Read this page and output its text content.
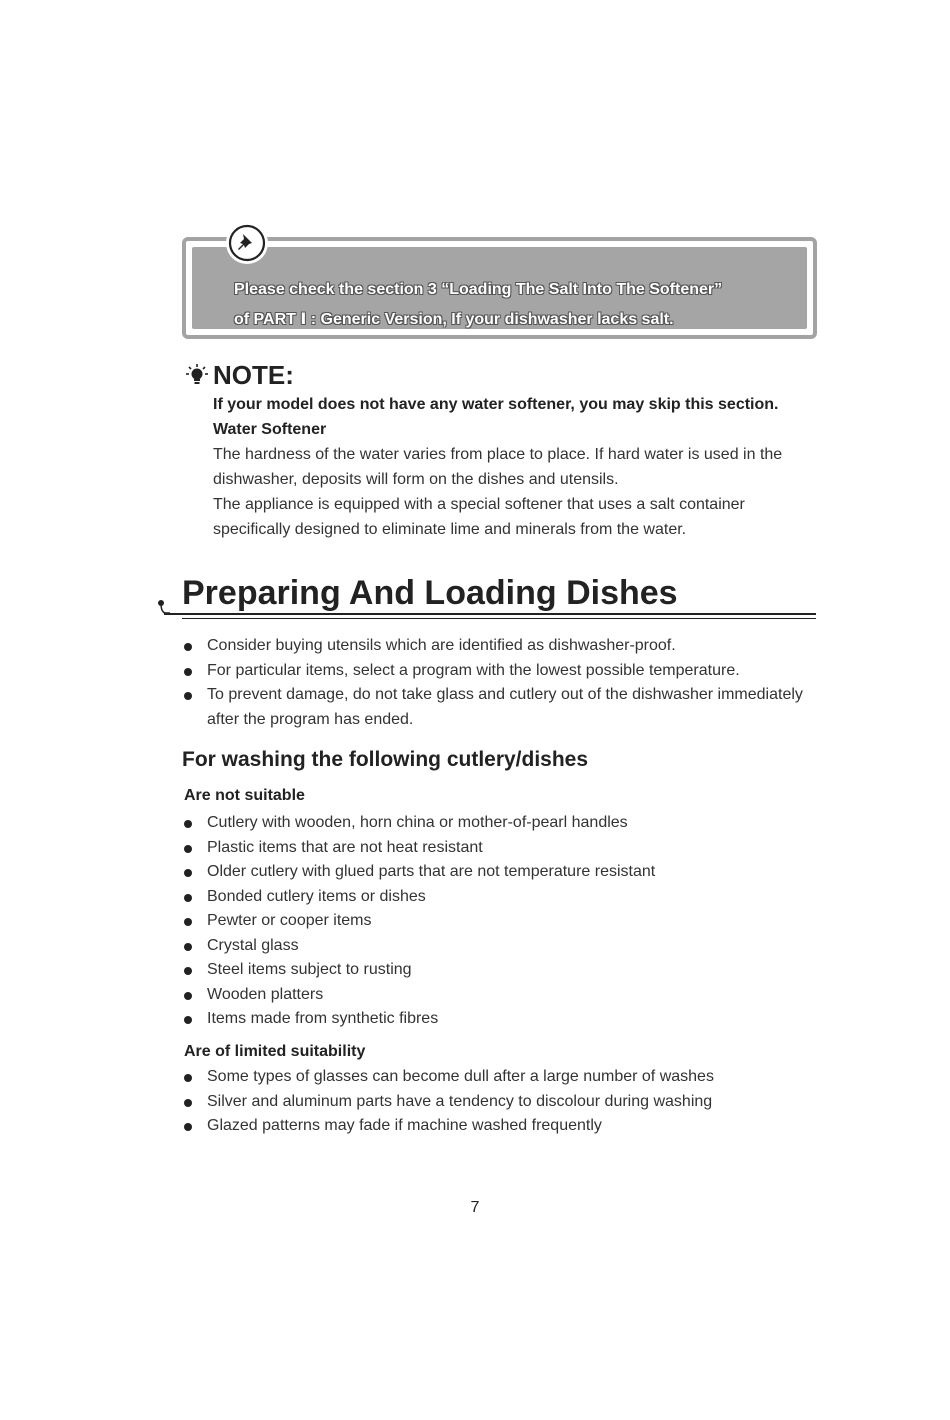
Please check the section 3 “Loading The Salt Into The Softener”
of PART Ⅰ : Generic Version, If your dishwasher lacks salt.
NOTE:
If your model does not have any water softener, you may skip this section.
Water Softener
The hardness of the water varies from place to place. If hard water is used in the dishwasher, deposits will form on the dishes and utensils.
The appliance is equipped with a special softener that uses a salt container specifically designed to eliminate lime and minerals from the water.
Preparing And Loading Dishes
Consider buying utensils which are identified as dishwasher-proof.
For particular items, select a program with the lowest possible temperature.
To prevent damage, do not take glass and cutlery out of the dishwasher immediately after the program has ended.
For washing the following cutlery/dishes
Are not suitable
Cutlery with wooden, horn china or mother-of-pearl handles
Plastic items that are not heat resistant
Older cutlery with glued parts that are not temperature resistant
Bonded cutlery items or dishes
Pewter or cooper items
Crystal glass
Steel items subject to rusting
Wooden platters
Items made from synthetic fibres
Are of limited suitability
Some types of glasses can become dull after a large number of washes
Silver and aluminum parts have a tendency to discolour during washing
Glazed patterns may fade if machine washed frequently
7
